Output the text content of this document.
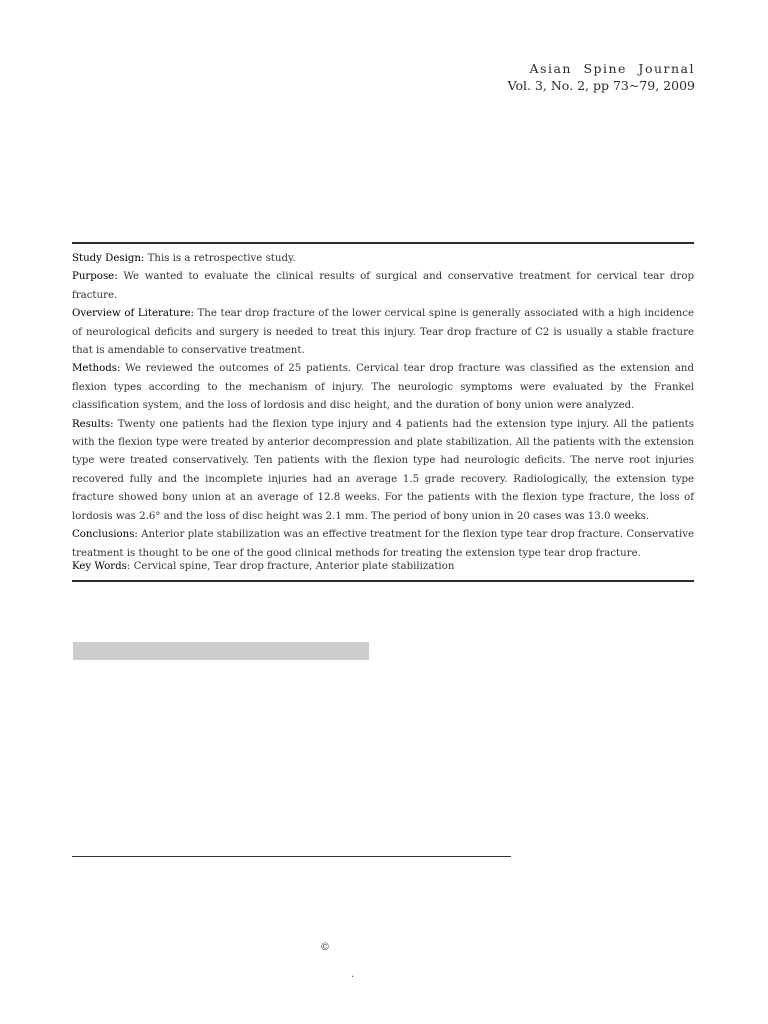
Asian Spine Journal
Vol. 3, No. 2, pp 73~79, 2009

Study Design: This is a retrospective study.

Purpose: We wanted to evaluate the clinical results of surgical and conservative treatment for cervical tear drop fracture.

Overview of Literature: The tear drop fracture of the lower cervical spine is generally associated with a high incidence of neurological deficits and surgery is needed to treat this injury. Tear drop fracture of C2 is usually a stable fracture that is amendable to conservative treatment.

Methods: We reviewed the outcomes of 25 patients. Cervical tear drop fracture was classified as the extension and flexion types according to the mechanism of injury. The neurologic symptoms were evaluated by the Frankel classification system, and the loss of lordosis and disc height, and the duration of bony union were analyzed.

Results: Twenty one patients had the flexion type injury and 4 patients had the extension type injury. All the patients with the flexion type were treated by anterior decompression and plate stabilization. All the patients with the extension type were treated conservatively. Ten patients with the flexion type had neurologic deficits. The nerve root injuries recovered fully and the incomplete injuries had an average 1.5 grade recovery. Radiologically, the extension type fracture showed bony union at an average of 12.8 weeks. For the patients with the flexion type fracture, the loss of lordosis was 2.6° and the loss of disc height was 2.1 mm. The period of bony union in 20 cases was 13.0 weeks.

Conclusions: Anterior plate stabilization was an effective treatment for the flexion type tear drop fracture. Conservative treatment is thought to be one of the good clinical methods for treating the extension type tear drop fracture.

Key Words: Cervical spine, Tear drop fracture, Anterior plate stabilization
©
.
